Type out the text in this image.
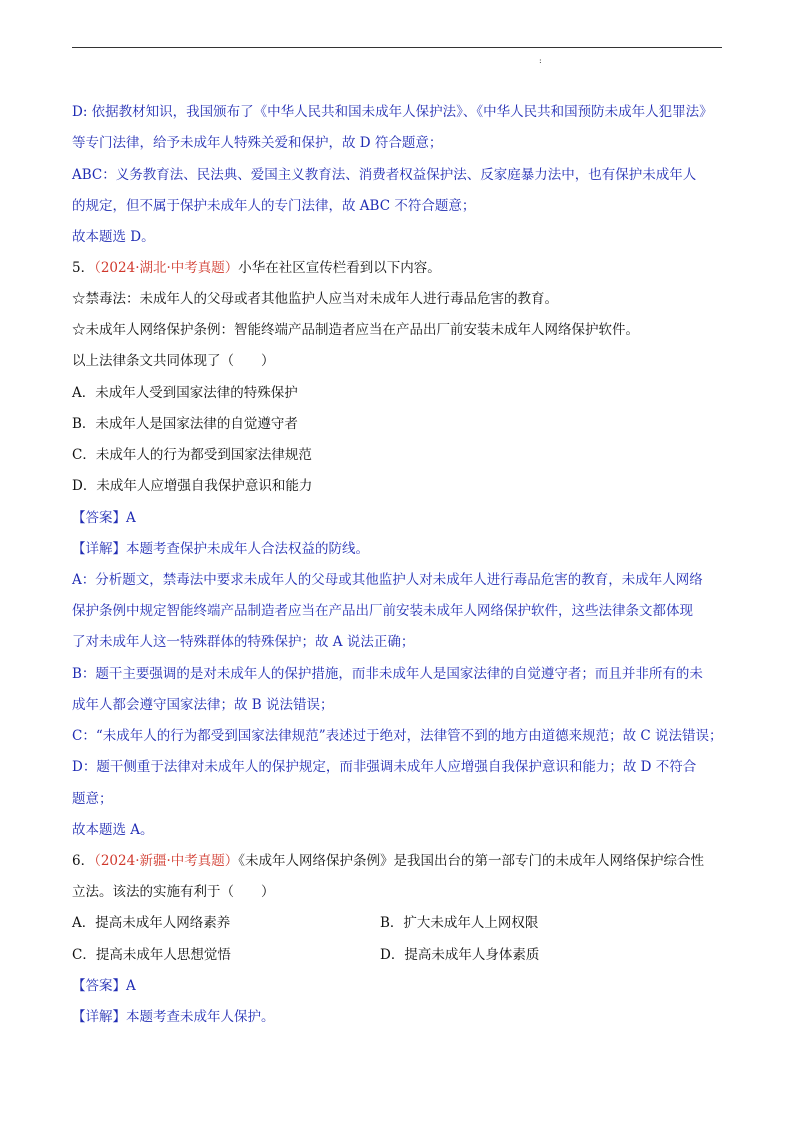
:
D: 依据教材知识，我国颁布了《中华人民共和国未成年人保护法》、《中华人民共和国预防未成年人犯罪法》
等专门法律，给予未成年人特殊关爱和保护，故 D 符合题意；
ABC：义务教育法、民法典、爱国主义教育法、消费者权益保护法、反家庭暴力法中，也有保护未成年人
的规定，但不属于保护未成年人的专门法律，故 ABC 不符合题意；
故本题选 D。
5．（2024·湖北·中考真题）小华在社区宣传栏看到以下内容。
☆禁毒法：未成年人的父母或者其他监护人应当对未成年人进行毒品危害的教育。
☆未成年人网络保护条例：智能终端产品制造者应当在产品出厂前安装未成年人网络保护软件。
以上法律条文共同体现了（　　）
A．未成年人受到国家法律的特殊保护
B．未成年人是国家法律的自觉遵守者
C．未成年人的行为都受到国家法律规范
D．未成年人应增强自我保护意识和能力
【答案】A
【详解】本题考查保护未成年人合法权益的防线。
A：分析题文，禁毒法中要求未成年人的父母或其他监护人对未成年人进行毒品危害的教育，未成年人网络
保护条例中规定智能终端产品制造者应当在产品出厂前安装未成年人网络保护软件，这些法律条文都体现
了对未成年人这一特殊群体的特殊保护；故 A 说法正确；
B：题干主要强调的是对未成年人的保护措施，而非未成年人是国家法律的自觉遵守者；而且并非所有的未
成年人都会遵守国家法律；故 B 说法错误；
C：“未成年人的行为都受到国家法律规范”表述过于绝对，法律管不到的地方由道德来规范；故 C 说法错误；
D：题干侧重于法律对未成年人的保护规定，而非强调未成年人应增强自我保护意识和能力；故 D 不符合
题意；
故本题选 A。
6．（2024·新疆·中考真题）《未成年人网络保护条例》是我国出台的第一部专门的未成年人网络保护综合性
立法。该法的实施有利于（　　）
A．提高未成年人网络素养	B．扩大未成年人上网权限
C．提高未成年人思想觉悟	D．提高未成年人身体素质
【答案】A
【详解】本题考查未成年人保护。
